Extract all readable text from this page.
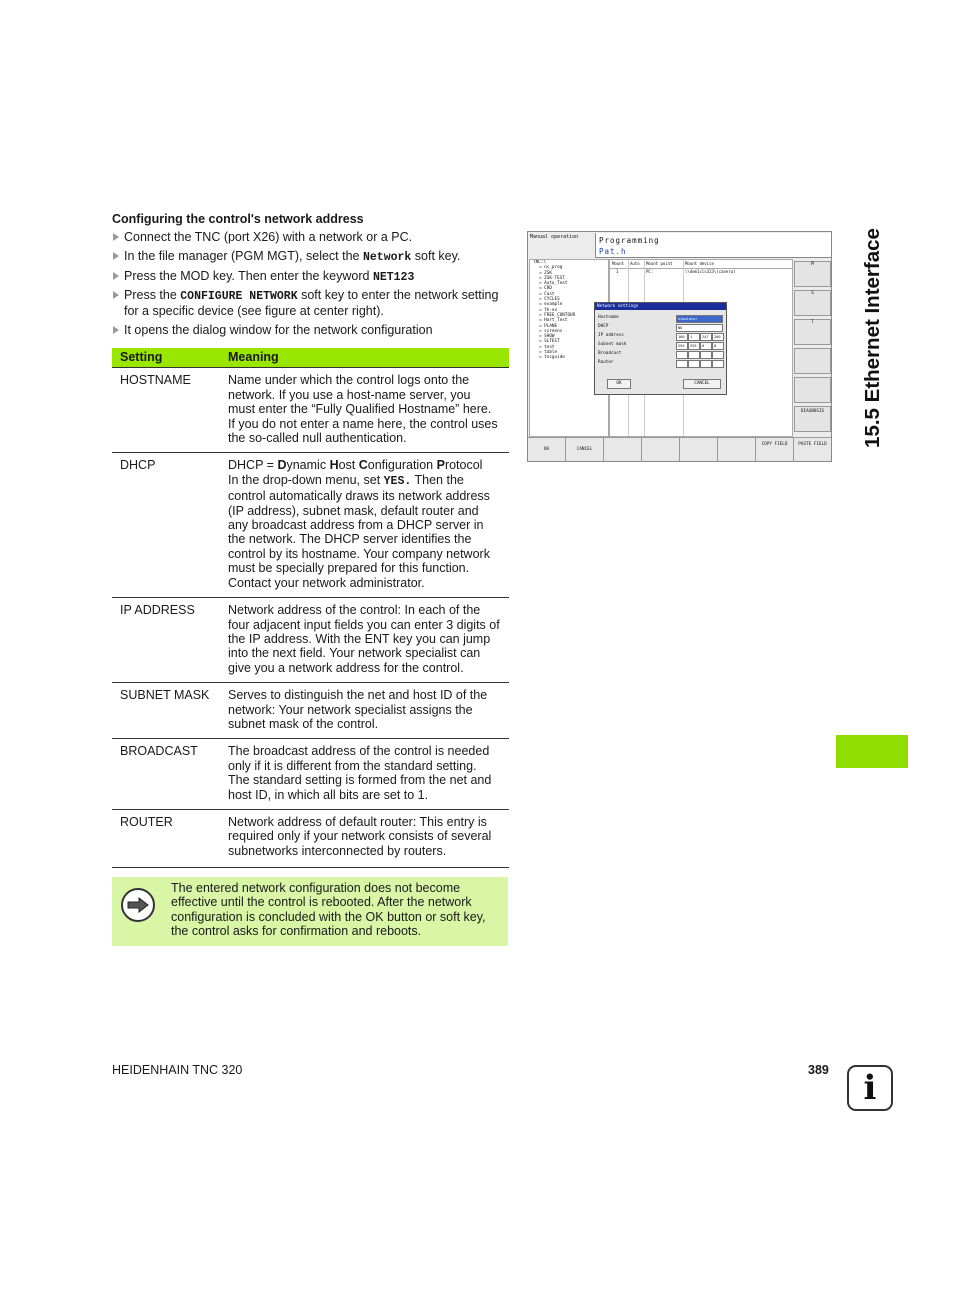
Configuring the control's network address
Connect the TNC (port X26) with a network or a PC.
In the file manager (PGM MGT), select the Network soft key.
Press the MOD key. Then enter the keyword NET123
Press the CONFIGURE NETWORK soft key to enter the network setting for a specific device (see figure at center right).
It opens the dialog window for the network configuration
Setting	Meaning
HOSTNAME	Name under which the control logs onto the network. If you use a host-name server, you must enter the “Fully Qualified Hostname” here. If you do not enter a name here, the control uses the so-called null authentication.
DHCP	DHCP = Dynamic Host Configuration Protocol
In the drop-down menu, set YES. Then the control automatically draws its network address (IP address), subnet mask, default router and any broadcast address from a DHCP server in the network. The DHCP server identifies the control by its hostname. Your company network must be specially prepared for this function. Contact your network administrator.
IP ADDRESS	Network address of the control: In each of the four adjacent input fields you can enter 3 digits of the IP address. With the ENT key you can jump into the next field. Your network specialist can give you a network address for the control.
SUBNET MASK	Serves to distinguish the net and host ID of the network: Your network specialist assigns the subnet mask of the control.
BROADCAST	The broadcast address of the control is needed only if it is different from the standard setting. The standard setting is formed from the net and host ID, in which all bits are set to 1.
ROUTER	Network address of default router: This entry is required only if your network consists of several subnetworks interconnected by routers.
The entered network configuration does not become effective until the control is rebooted. After the network configuration is concluded with the OK button or soft key, the control asks for confirmation and reboots.
15.5 Ethernet Interface
HEIDENHAIN TNC 320	389	i
Manual operation	Programming
Pat.h
TNC:\
▫ nc_prog
▫ ZSK
▫ ZSK-TEST
▫ Auto_Test
▫ CRD
▫ Cast
▫ CYCLES
▫ example
▫ fk-ex
▫ FREE_CONTOUR
▫ Hart_Test
▫ PLANE
▫ screens
▫ SHOW
▫ SLTEST
▫ test
▫ table
▫ tncguide
Mount Auto Mount point	Mount device
1	PC:	\\dem1cls323\(canera)
Network settings
Hostname
DHCP
IP address
Subnet mask
Broadcast
Router
simulator
NO
160	1	247	200
255	255	0	0
OK	CANCEL
M
S
T
DIAGNOSIS
OK	CANCEL
COPY FIELD	PASTE FIELD
